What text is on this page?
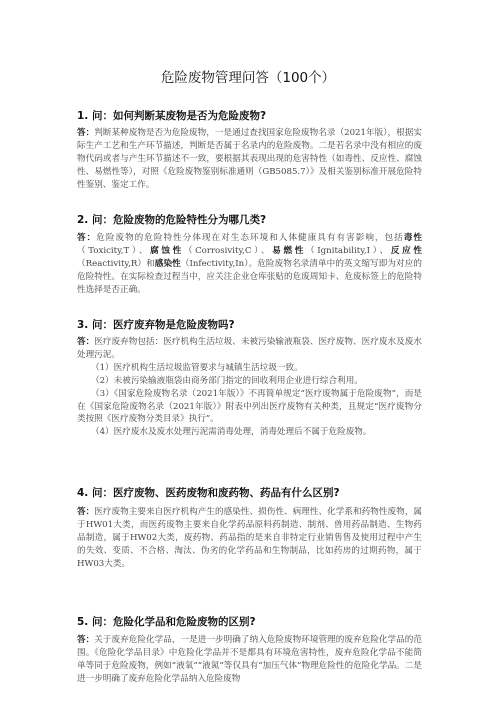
危险废物管理问答（100个）
1. 问：如何判断某废物是否为危险废物?

答：判断某种废物是否为危险废物，一是通过查找国家危险废物名录（2021年版），根据实际生产工艺和生产环节描述，判断是否属于名录内的危险废物。二是若名录中没有相应的废物代码或者与产生环节描述不一致，要根据其表现出现的危害特性（如毒性、反应性、腐蚀性、易燃性等），对照《危险废物鉴别标准通则（GB5085.7）》及相关鉴别标准开展危险特性鉴别、鉴定工作。

2. 问：危险废物的危险特性分为哪几类?

答：危险废物的危险特性分体现在对生态环境和人体健康具有有害影响，包括毒性（Toxicity,T）、腐蚀性（Corrosivity,C）、易燃性（Ignitability,I）、反应性（Reactivity,R）和感染性（Infectivity,In）。危险废物名录清单中的英文缩写即为对应的危险特性。在实际检查过程当中，应关注企业仓库张贴的危废周知卡、危废标签上的危险特性选择是否正确。

3. 问：医疗废弃物是危险废物吗?

答：医疗废弃物包括：医疗机构生活垃圾、未被污染输液瓶袋、医疗废物、医疗废水及废水处理污泥。

（1）医疗机构生活垃圾监管要求与城镇生活垃圾一致。

（2）未被污染输液瓶袋由商务部门指定的回收利用企业进行综合利用。

（3）《国家危险废物名录（2021年版）》不再简单规定“医疗废物属于危险废物”，而是在《国家危险废物名录（2021年版）》附表中列出医疗废物有关种类，且规定“医疗废物分类按照《医疗废物分类目录》执行”。

（4）医疗废水及废水处理污泥需消毒处理，消毒处理后不属于危险废物。

4. 问：医疗废物、医药废物和废药物、药品有什么区别?

答：医疗废物主要来自医疗机构产生的感染性、损伤性、病理性、化学系和药物性废物，属于HW01大类，而医药废物主要来自化学药品原料药制造、制剂、兽用药品制造、生物药品制造，属于HW02大类，废药物、药品指的是来自非特定行业销售售及使用过程中产生的失效、变质、不合格、淘汰、伪劣的化学药品和生物制品，比如药房的过期药物，属于HW03大类。

5. 问：危险化学品和危险废物的区别?

答：关于废弃危险化学品，一是进一步明确了纳入危险废物环境管理的废弃危险化学品的范围。《危险化学品目录》中危险化学品并不是都具有环境危害特性，废弃危险化学品不能简单等同于危险废物，例如“液氧”“液氮”等仅具有“加压气体”物理危险性的危险化学品。二是进一步明确了废弃危险化学品纳入危险废物
